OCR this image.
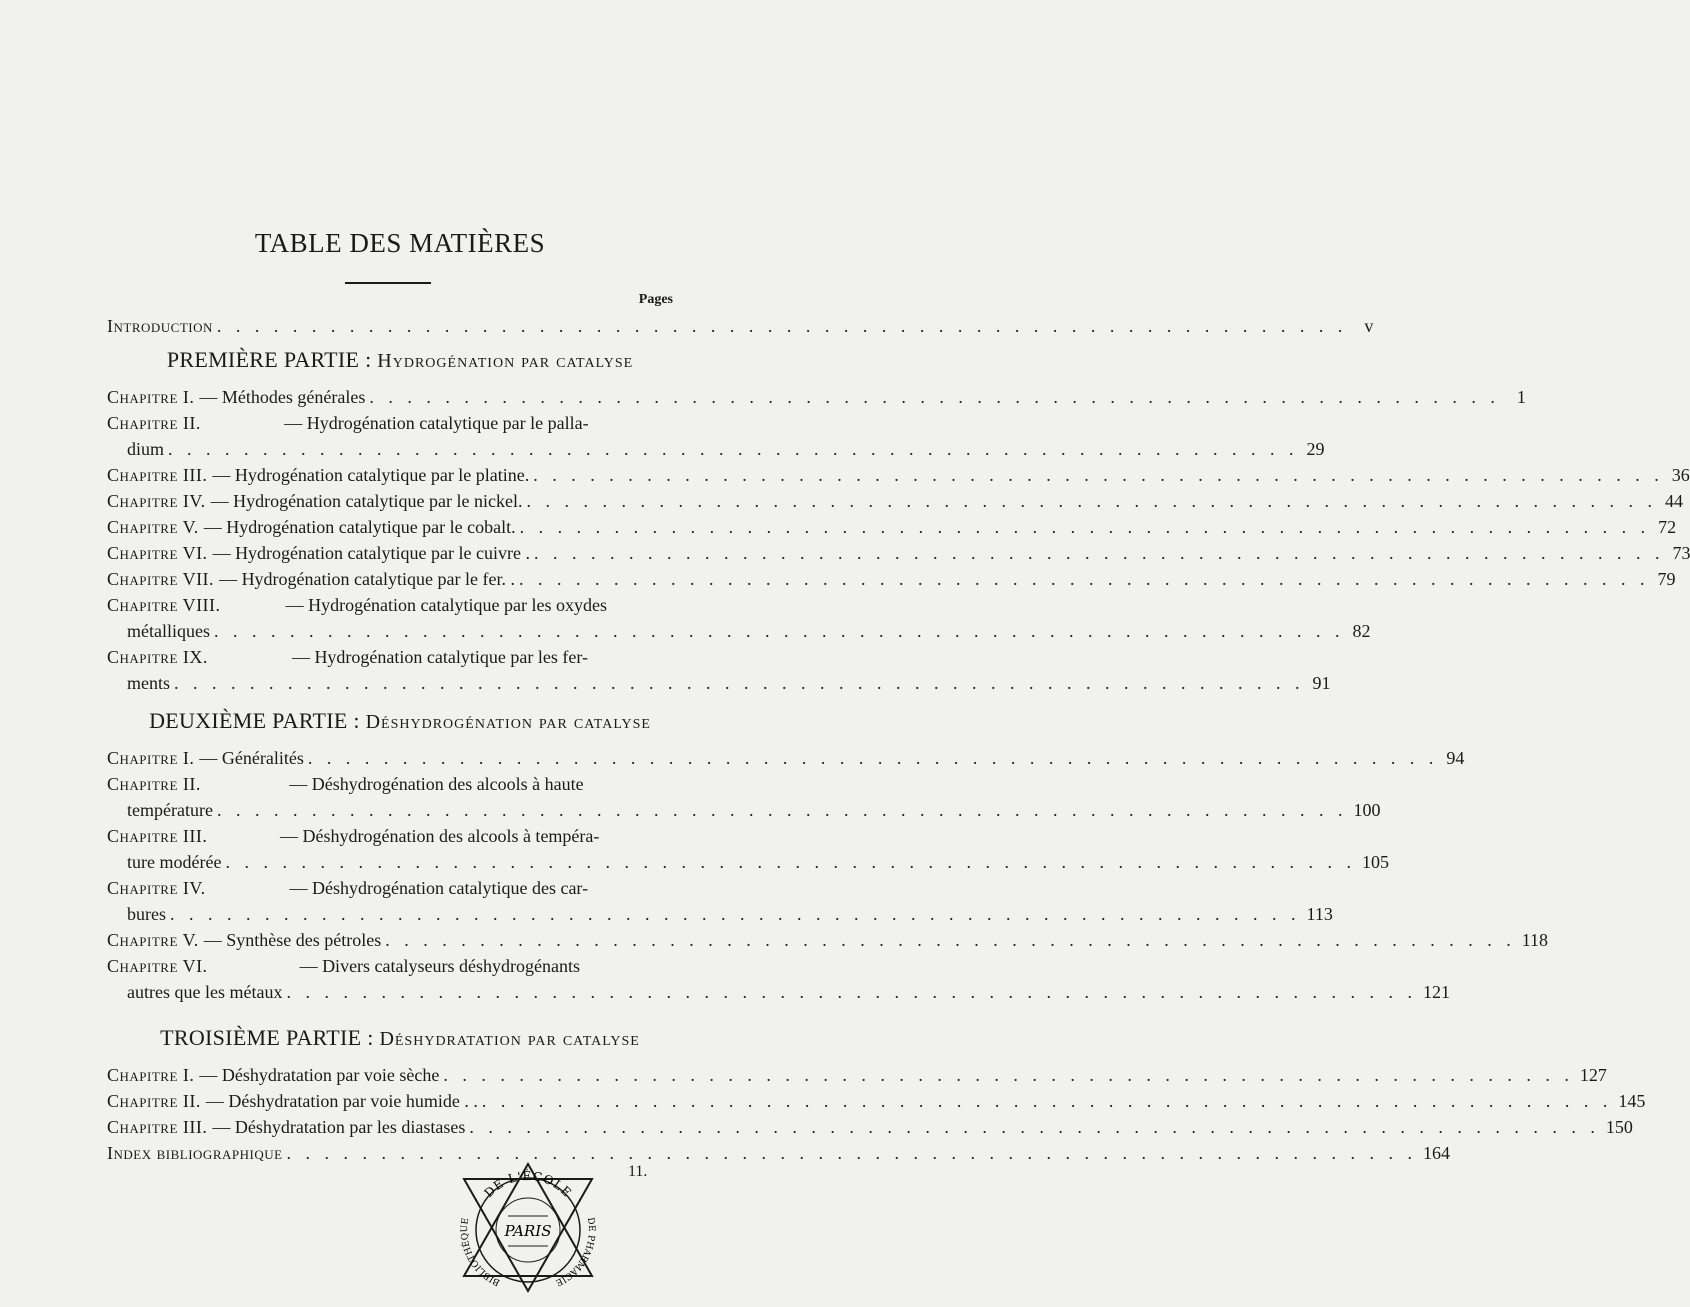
TABLE DES MATIÈRES
Pages
Introduction . . . . . . . . . . . . . . . . . . . . . . . . . . . . . . . . . . . . . . . . . . . . . . . . . . . . . . . . . . . . v
PREMIÈRE PARTIE : Hydrogénation par catalyse
Chapitre I. — Méthodes générales . . . . . . . . . . . . . . . . . . . . . . . . . . . . . . . . . . . . . . . . . . . . . . . . . . . . . . . . . . . . 1
Chapitre II.	— Hydrogénation catalytique par le palla-
dium . . . . . . . . . . . . . . . . . . . . . . . . . . . . . . . . . . . . . . . . . . . . . . . . . . . . . . . . . . . . 29
Chapitre III. — Hydrogénation catalytique par le platine. . . . . . . . . . . . . . . . . . . . . . . . . . . . . . . . . . . . . . . . . . . . . . . . . . . . . . . . . . . . . 36
Chapitre IV. — Hydrogénation catalytique par le nickel. . . . . . . . . . . . . . . . . . . . . . . . . . . . . . . . . . . . . . . . . . . . . . . . . . . . . . . . . . . . . 44
Chapitre V. — Hydrogénation catalytique par le cobalt. . . . . . . . . . . . . . . . . . . . . . . . . . . . . . . . . . . . . . . . . . . . . . . . . . . . . . . . . . . . . 72
Chapitre VI. — Hydrogénation catalytique par le cuivre . . . . . . . . . . . . . . . . . . . . . . . . . . . . . . . . . . . . . . . . . . . . . . . . . . . . . . . . . . . . . 73
Chapitre VII. — Hydrogénation catalytique par le fer. . . . . . . . . . . . . . . . . . . . . . . . . . . . . . . . . . . . . . . . . . . . . . . . . . . . . . . . . . . . . . 79
Chapitre VIII.	— Hydrogénation catalytique par les oxydes
métalliques . . . . . . . . . . . . . . . . . . . . . . . . . . . . . . . . . . . . . . . . . . . . . . . . . . . . . . . . . . . . 82
Chapitre IX.	— Hydrogénation catalytique par les fer-
ments . . . . . . . . . . . . . . . . . . . . . . . . . . . . . . . . . . . . . . . . . . . . . . . . . . . . . . . . . . . . 91
DEUXIÈME PARTIE : Déshydrogénation par catalyse
Chapitre I. — Généralités . . . . . . . . . . . . . . . . . . . . . . . . . . . . . . . . . . . . . . . . . . . . . . . . . . . . . . . . . . . . 94
Chapitre II.	— Déshydrogénation des alcools à haute
température . . . . . . . . . . . . . . . . . . . . . . . . . . . . . . . . . . . . . . . . . . . . . . . . . . . . . . . . . . . . 100
Chapitre III.	— Déshydrogénation des alcools à tempéra-
ture modérée . . . . . . . . . . . . . . . . . . . . . . . . . . . . . . . . . . . . . . . . . . . . . . . . . . . . . . . . . . . . 105
Chapitre IV.	— Déshydrogénation catalytique des car-
bures . . . . . . . . . . . . . . . . . . . . . . . . . . . . . . . . . . . . . . . . . . . . . . . . . . . . . . . . . . . . 113
Chapitre V. — Synthèse des pétroles . . . . . . . . . . . . . . . . . . . . . . . . . . . . . . . . . . . . . . . . . . . . . . . . . . . . . . . . . . . . 118
Chapitre VI.	— Divers catalyseurs déshydrogénants
autres que les métaux . . . . . . . . . . . . . . . . . . . . . . . . . . . . . . . . . . . . . . . . . . . . . . . . . . . . . . . . . . . . 121
TROISIÈME PARTIE : Déshydratation par catalyse
Chapitre I. — Déshydratation par voie sèche . . . . . . . . . . . . . . . . . . . . . . . . . . . . . . . . . . . . . . . . . . . . . . . . . . . . . . . . . . . . 127
Chapitre II. — Déshydratation par voie humide . . . . . . . . . . . . . . . . . . . . . . . . . . . . . . . . . . . . . . . . . . . . . . . . . . . . . . . . . . . . . . 145
Chapitre III. — Déshydratation par les diastases . . . . . . . . . . . . . . . . . . . . . . . . . . . . . . . . . . . . . . . . . . . . . . . . . . . . . . . . . . . . 150
Index bibliographique . . . . . . . . . . . . . . . . . . . . . . . . . . . . . . . . . . . . . . . . . . . . . . . . . . . . . . . . . . . . 164
DE L'ÉCOLE
BIBLIOTHÈQUE	DE PHARMACIE
PARIS
11.
